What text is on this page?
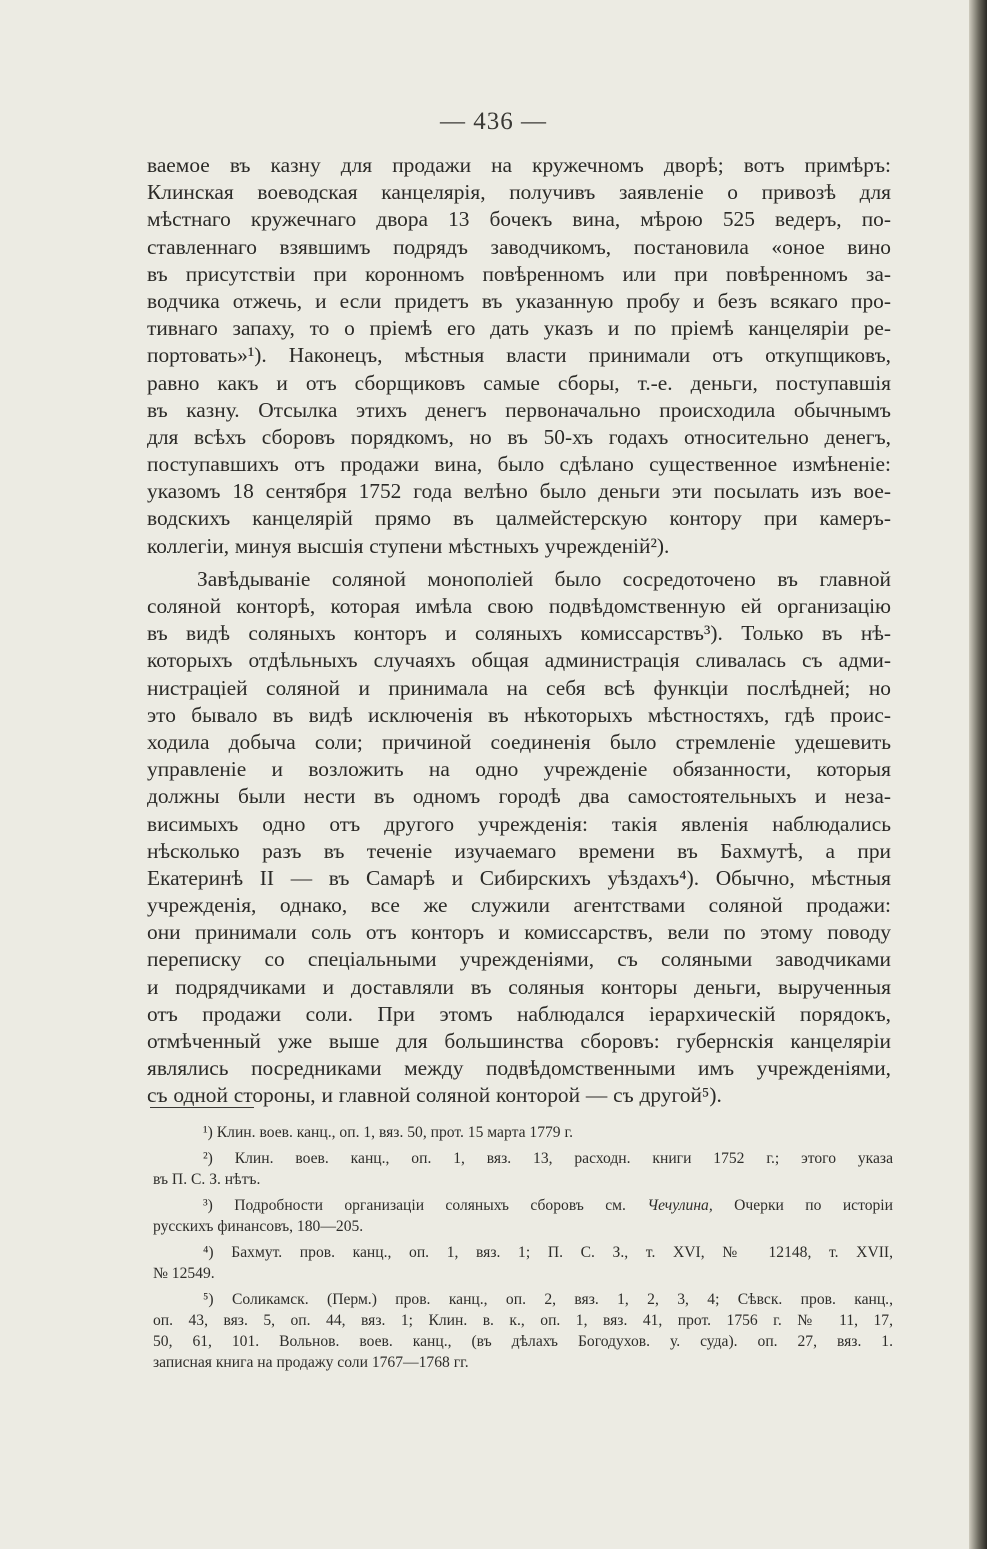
— 436 —
ваемое въ казну для продажи на кружечномъ дворѣ; вотъ примѣръ:
Клинская воеводская канцелярія, получивъ заявленіе о привозѣ для
мѣстнаго кружечнаго двора 13 бочекъ вина, мѣрою 525 ведеръ, по-
ставленнаго взявшимъ подрядъ заводчикомъ, постановила «оное вино
въ присутствіи при коронномъ повѣренномъ или при повѣренномъ за-
водчика отжечь, и если придетъ въ указанную пробу и безъ всякаго про-
тивнаго запаху, то о пріемѣ его дать указъ и по пріемѣ канцеляріи ре-
портовать»¹). Наконецъ, мѣстныя власти принимали отъ откупщиковъ,
равно какъ и отъ сборщиковъ самые сборы, т.-е. деньги, поступавшія
въ казну. Отсылка этихъ денегъ первоначально происходила обычнымъ
для всѣхъ сборовъ порядкомъ, но въ 50-хъ годахъ относительно денегъ,
поступавшихъ отъ продажи вина, было сдѣлано существенное измѣненіе:
указомъ 18 сентября 1752 года велѣно было деньги эти посылать изъ вое-
водскихъ канцелярій прямо въ цалмейстерскую контору при камеръ-
коллегіи, минуя высшія ступени мѣстныхъ учрежденій²).
Завѣдываніе соляной монополіей было сосредоточено въ главной
соляной конторѣ, которая имѣла свою подвѣдомственную ей организацію
въ видѣ соляныхъ конторъ и соляныхъ комиссарствъ³). Только въ нѣ-
которыхъ отдѣльныхъ случаяхъ общая администрація сливалась съ адми-
нистраціей соляной и принимала на себя всѣ функціи послѣдней; но
это бывало въ видѣ исключенія въ нѣкоторыхъ мѣстностяхъ, гдѣ проис-
ходила добыча соли; причиной соединенія было стремленіе удешевить
управленіе и возложить на одно учрежденіе обязанности, которыя
должны были нести въ одномъ городѣ два самостоятельныхъ и неза-
висимыхъ одно отъ другого учрежденія: такія явленія наблюдались
нѣсколько разъ въ теченіе изучаемаго времени въ Бахмутѣ, а при
Екатеринѣ II — въ Самарѣ и Сибирскихъ уѣздахъ⁴). Обычно, мѣстныя
учрежденія, однако, все же служили агентствами соляной продажи:
они принимали соль отъ конторъ и комиссарствъ, вели по этому поводу
переписку со спеціальными учрежденіями, съ соляными заводчиками
и подрядчиками и доставляли въ соляныя конторы деньги, вырученныя
отъ продажи соли. При этомъ наблюдался іерархическій порядокъ,
отмѣченный уже выше для большинства сборовъ: губернскія канцеляріи
являлись посредниками между подвѣдомственными имъ учрежденіями,
съ одной стороны, и главной соляной конторой — съ другой⁵).
¹) Клин. воев. канц., оп. 1, вяз. 50, прот. 15 марта 1779 г.
²) Клин. воев. канц., оп. 1, вяз. 13, расходн. книги 1752 г.; этого указа
въ П. С. З. нѣтъ.
³) Подробности организаціи соляныхъ сборовъ см. Чечулина, Очерки по исторіи
русскихъ финансовъ, 180—205.
⁴) Бахмут. пров. канц., оп. 1, вяз. 1; П. С. З., т. XVI, № 12148, т. XVII,
№ 12549.
⁵) Соликамск. (Перм.) пров. канц., оп. 2, вяз. 1, 2, 3, 4; Сѣвск. пров. канц.,
оп. 43, вяз. 5, оп. 44, вяз. 1; Клин. в. к., оп. 1, вяз. 41, прот. 1756 г. № 11, 17,
50, 61, 101. Вольнов. воев. канц., (въ дѣлахъ Богодухов. у. суда). оп. 27, вяз. 1.
записная книга на продажу соли 1767—1768 гг.
